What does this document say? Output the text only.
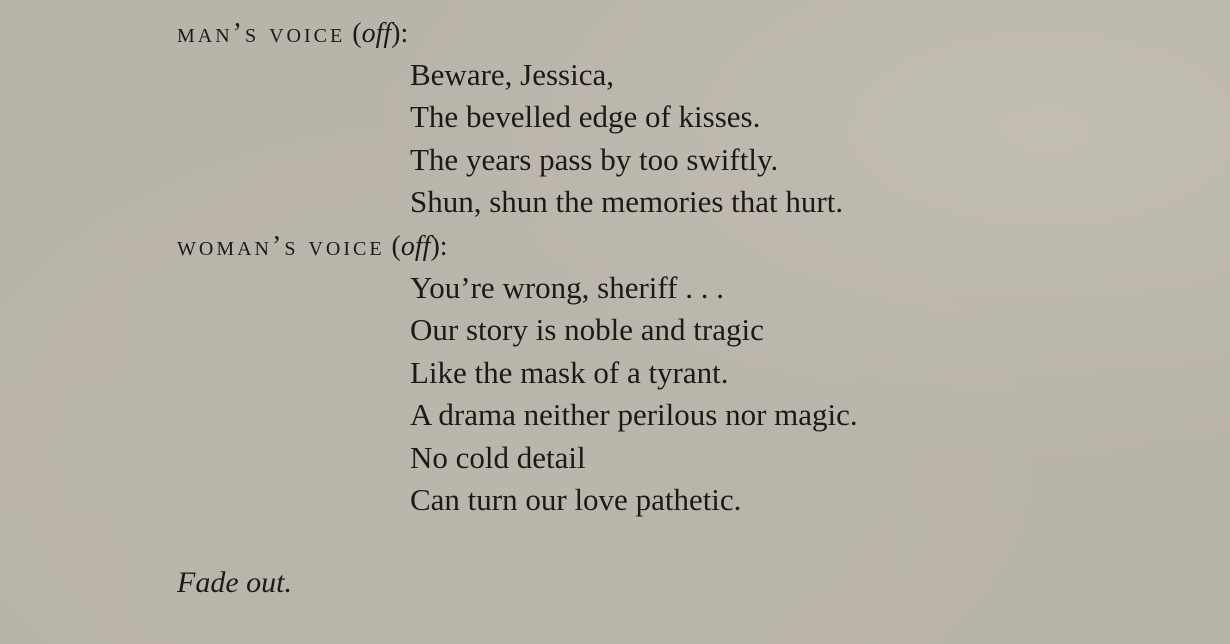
man’s voice (off):
Beware, Jessica,
The bevelled edge of kisses.
The years pass by too swiftly.
Shun, shun the memories that hurt.
woman’s voice (off):
You’re wrong, sheriff . . .
Our story is noble and tragic
Like the mask of a tyrant.
A drama neither perilous nor magic.
No cold detail
Can turn our love pathetic.
Fade out.
